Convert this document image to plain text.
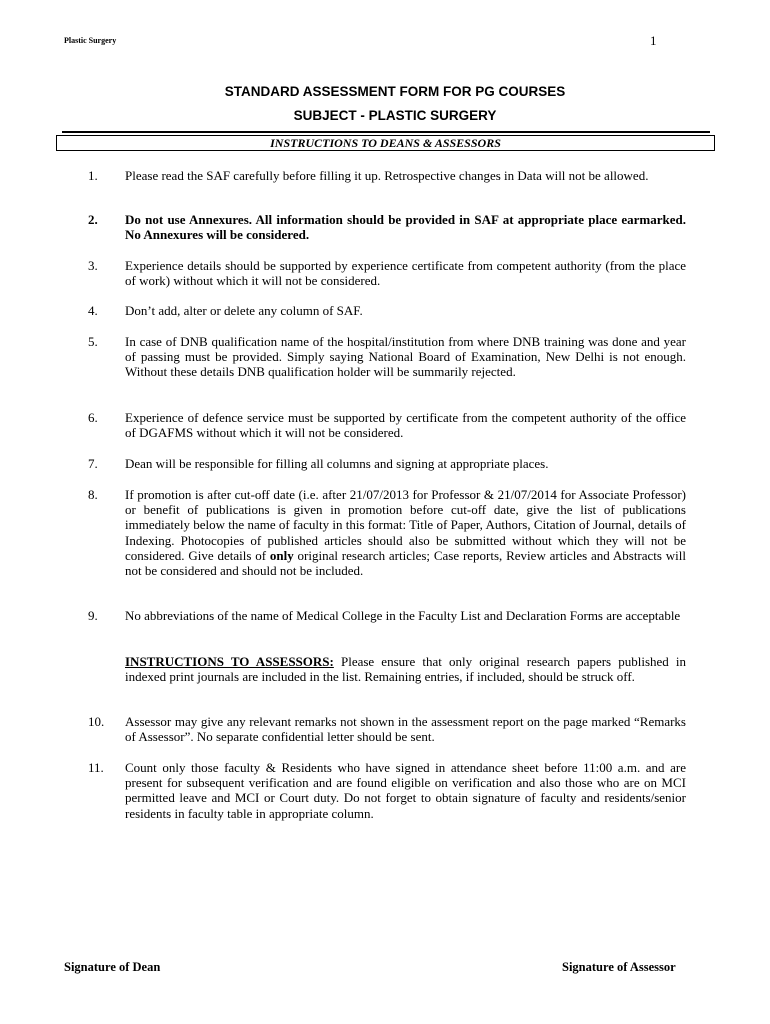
Plastic Surgery	1
STANDARD ASSESSMENT FORM FOR PG COURSES
SUBJECT - PLASTIC SURGERY
INSTRUCTIONS TO DEANS & ASSESSORS
1.	Please read the SAF carefully before filling it up. Retrospective changes in Data will not be allowed.
2.	Do not use Annexures. All information should be provided in SAF at appropriate place earmarked. No Annexures will be considered.
3.	Experience details should be supported by experience certificate from competent authority (from the place of work) without which it will not be considered.
4.	Don’t add, alter or delete any column of SAF.
5.	In case of DNB qualification name of the hospital/institution from where DNB training was done and year of passing must be provided. Simply saying National Board of Examination, New Delhi is not enough. Without these details DNB qualification holder will be summarily rejected.
6.	Experience of defence service must be supported by certificate from the competent authority of the office of DGAFMS without which it will not be considered.
7.	Dean will be responsible for filling all columns and signing at appropriate places.
8.	If promotion is after cut-off date (i.e. after 21/07/2013 for Professor & 21/07/2014 for Associate Professor) or benefit of publications is given in promotion before cut-off date, give the list of publications immediately below the name of faculty in this format: Title of Paper, Authors, Citation of Journal, details of Indexing. Photocopies of published articles should also be submitted without which they will not be considered. Give details of only original research articles; Case reports, Review articles and Abstracts will not be considered and should not be included.
9.	No abbreviations of the name of Medical College in the Faculty List and Declaration Forms are acceptable
INSTRUCTIONS TO ASSESSORS: Please ensure that only original research papers published in indexed print journals are included in the list. Remaining entries, if included, should be struck off.
10.	Assessor may give any relevant remarks not shown in the assessment report on the page marked “Remarks of Assessor”. No separate confidential letter should be sent.
11.	Count only those faculty & Residents who have signed in attendance sheet before 11:00 a.m. and are present for subsequent verification and are found eligible on verification and also those who are on MCI permitted leave and MCI or Court duty. Do not forget to obtain signature of faculty and residents/senior residents in faculty table in appropriate column.
Signature of Dean	Signature of Assessor
